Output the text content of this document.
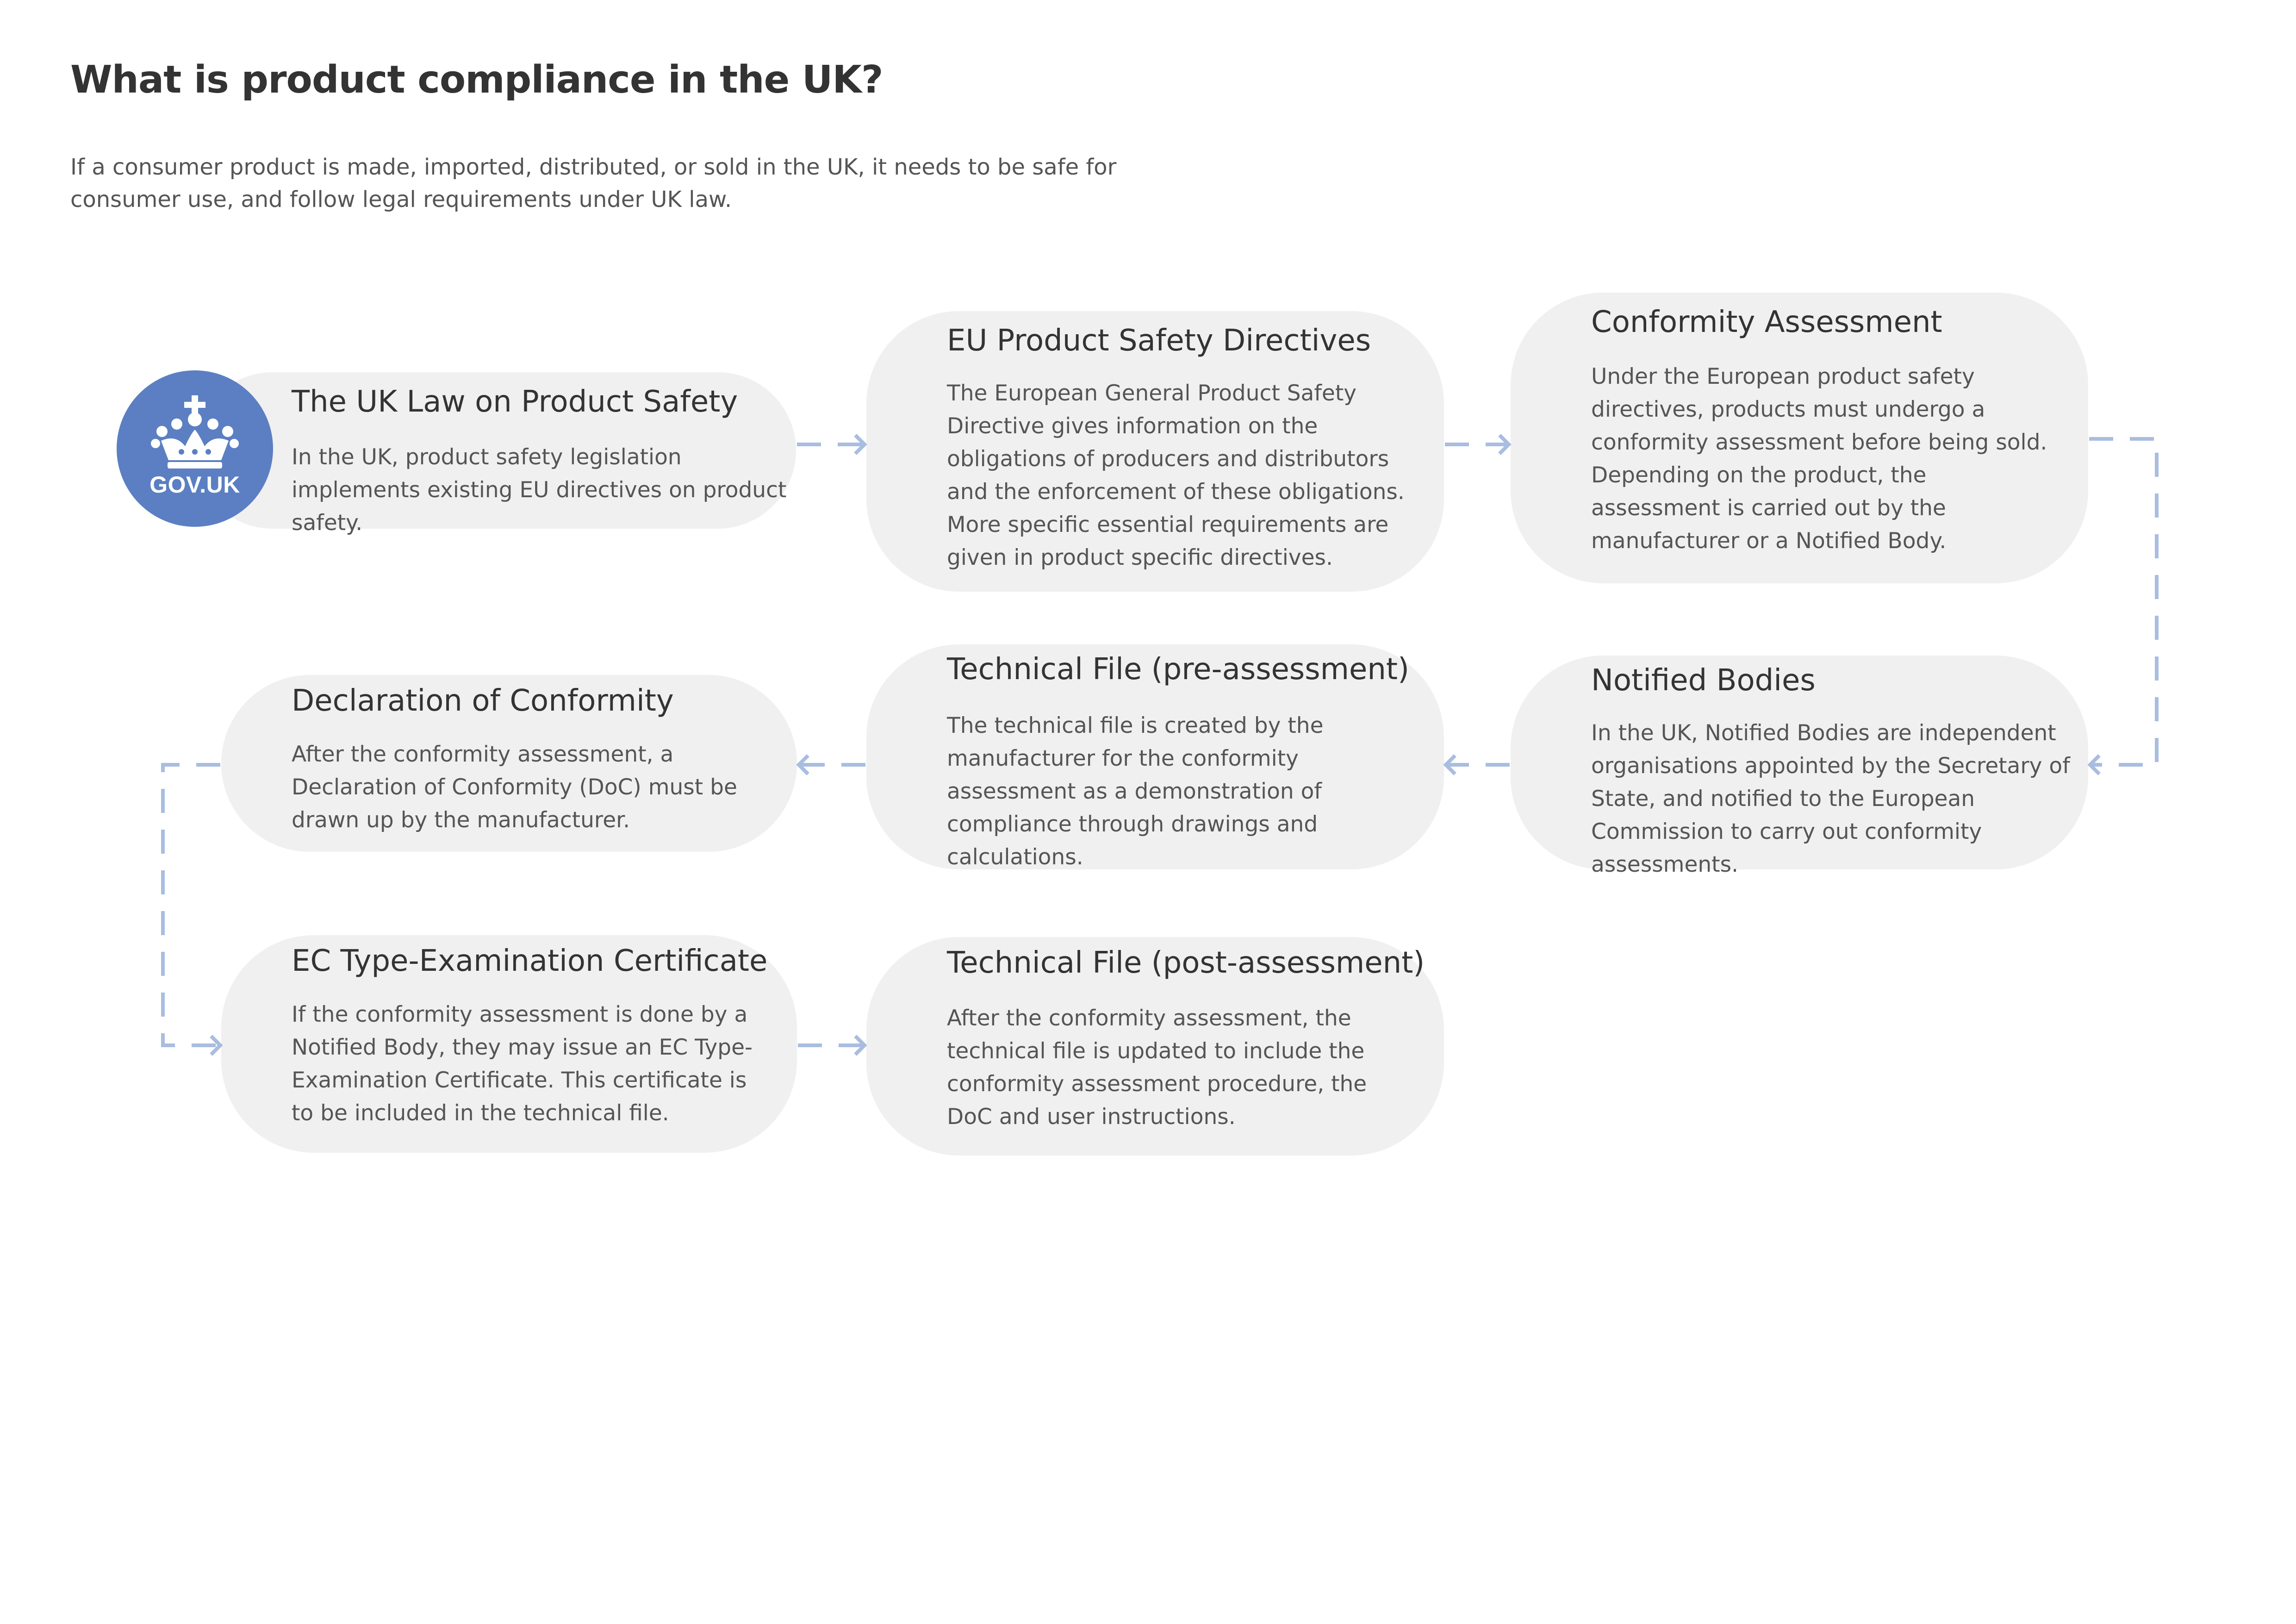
What is product compliance in the UK?

If a consumer product is made, imported, distributed, or sold in the UK, it needs to be safe for consumer use, and follow legal requirements under UK law.

The UK Law on Product Safety

In the UK, product safety legislation implements existing EU directives on product safety.

GOV.UK
EU Product Safety Directives

The European General Product Safety Directive gives information on the obligations of producers and distributors and the enforcement of these obligations. More specific essential requirements are given in product specific directives.

Conformity Assessment

Under the European product safety directives, products must undergo a conformity assessment before being sold. Depending on the product, the assessment is carried out by the manufacturer or a Notified Body.

Notified Bodies

In the UK, Notified Bodies are independent organisations appointed by the Secretary of State, and notified to the European Commission to carry out conformity assessments.

Technical File (pre-assessment)

The technical file is created by the manufacturer for the conformity assessment as a demonstration of compliance through drawings and calculations.

Declaration of Conformity

After the conformity assessment, a Declaration of Conformity (DoC) must be drawn up by the manufacturer.

EC Type-Examination Certificate

If the conformity assessment is done by a Notified Body, they may issue an EC Type-Examination Certificate. This certificate is to be included in the technical file.

Technical File (post-assessment)

After the conformity assessment, the technical file is updated to include the conformity assessment procedure, the DoC and user instructions.
